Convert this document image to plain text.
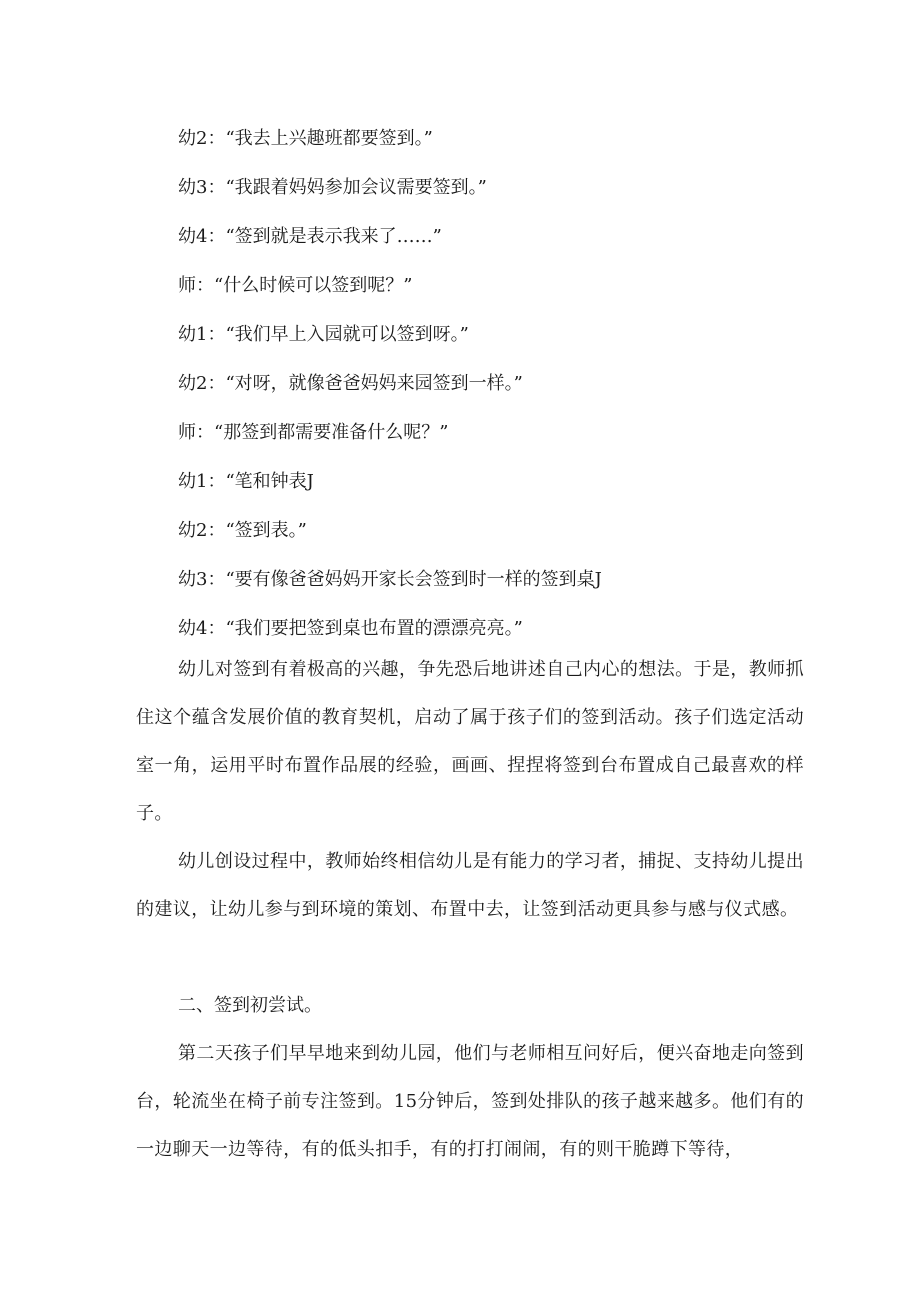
幼2：“我去上兴趣班都要签到。”

幼3：“我跟着妈妈参加会议需要签到。”

幼4：“签到就是表示我来了……”

师：“什么时候可以签到呢？”

幼1：“我们早上入园就可以签到呀。”

幼2：“对呀，就像爸爸妈妈来园签到一样。”

师：“那签到都需要准备什么呢？”

幼1：“笔和钟表J

幼2：“签到表。”

幼3：“要有像爸爸妈妈开家长会签到时一样的签到桌J

幼4：“我们要把签到桌也布置的漂漂亮亮。”

幼儿对签到有着极高的兴趣，争先恐后地讲述自己内心的想法。于是，教师抓住这个蕴含发展价值的教育契机，启动了属于孩子们的签到活动。孩子们选定活动室一角，运用平时布置作品展的经验，画画、捏捏将签到台布置成自己最喜欢的样子。

幼儿创设过程中，教师始终相信幼儿是有能力的学习者，捕捉、支持幼儿提出的建议，让幼儿参与到环境的策划、布置中去，让签到活动更具参与感与仪式感。

二、签到初尝试。

第二天孩子们早早地来到幼儿园，他们与老师相互问好后，便兴奋地走向签到台，轮流坐在椅子前专注签到。15分钟后，签到处排队的孩子越来越多。他们有的一边聊天一边等待，有的低头扣手，有的打打闹闹，有的则干脆蹲下等待，
